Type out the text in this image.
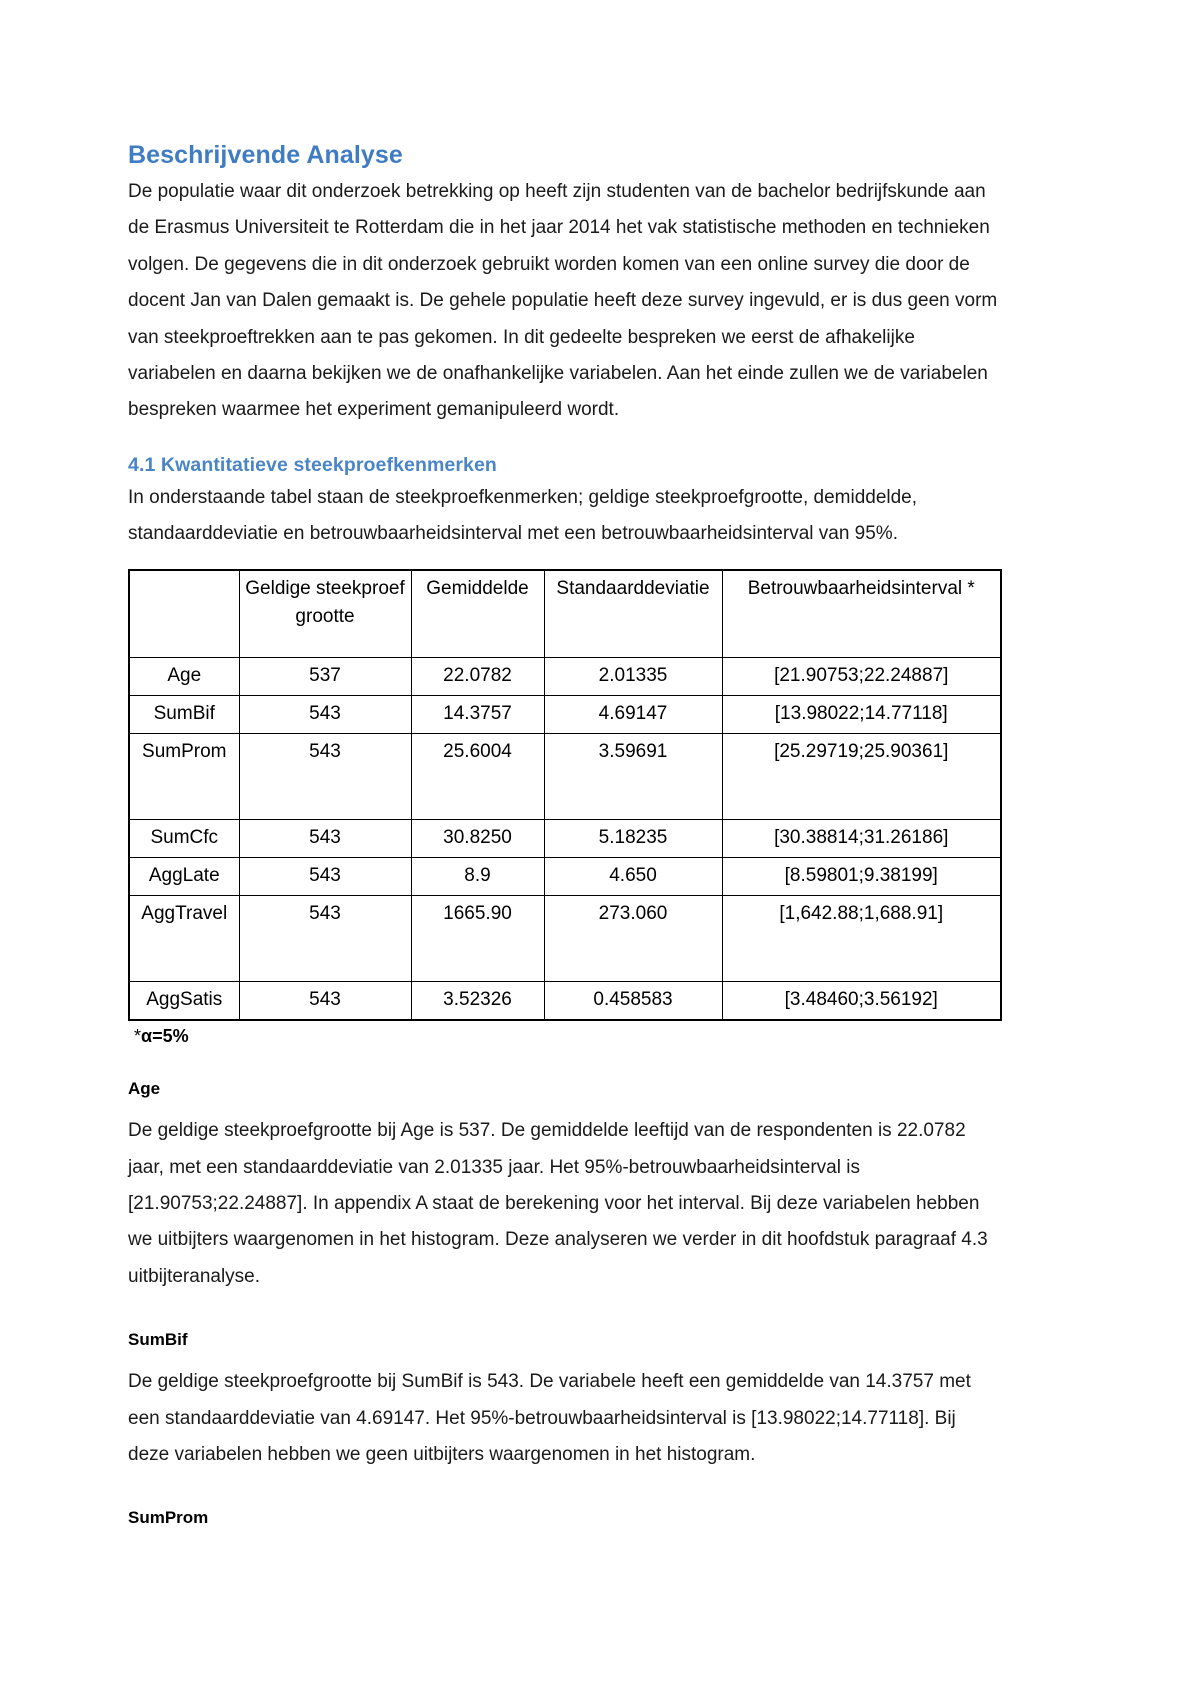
Beschrijvende Analyse

De populatie waar dit onderzoek betrekking op heeft zijn studenten van de bachelor bedrijfskunde aan de Erasmus Universiteit te Rotterdam die in het jaar 2014 het vak statistische methoden en technieken volgen. De gegevens die in dit onderzoek gebruikt worden komen van een online survey die door de docent Jan van Dalen gemaakt is. De gehele populatie heeft deze survey ingevuld, er is dus geen vorm van steekproeftrekken aan te pas gekomen. In dit gedeelte bespreken we eerst de afhakelijke variabelen en daarna bekijken we de onafhankelijke variabelen. Aan het einde zullen we de variabelen bespreken waarmee het experiment gemanipuleerd wordt.

4.1 Kwantitatieve steekproefkenmerken

In onderstaande tabel staan de steekproefkenmerken; geldige steekproefgrootte, demiddelde, standaarddeviatie en betrouwbaarheidsinterval met een betrouwbaarheidsinterval van 95%.

	Geldige steekproefgrootte	Gemiddelde	Standaarddeviatie	Betrouwbaarheidsinterval *
Age	537	22.0782	2.01335	[21.90753;22.24887]
SumBif	543	14.3757	4.69147	[13.98022;14.77118]
SumProm	543	25.6004	3.59691	[25.29719;25.90361]
SumCfc	543	30.8250	5.18235	[30.38814;31.26186]
AggLate	543	8.9	4.650	[8.59801;9.38199]
AggTravel	543	1665.90	273.060	[1,642.88;1,688.91]
AggSatis	543	3.52326	0.458583	[3.48460;3.56192]
*α=5%
Age

De geldige steekproefgrootte bij Age is 537. De gemiddelde leeftijd van de respondenten is 22.0782 jaar, met een standaarddeviatie van 2.01335 jaar. Het 95%-betrouwbaarheidsinterval is [21.90753;22.24887]. In appendix A staat de berekening voor het interval. Bij deze variabelen hebben we uitbijters waargenomen in het histogram. Deze analyseren we verder in dit hoofdstuk paragraaf 4.3 uitbijteranalyse.

SumBif

De geldige steekproefgrootte bij SumBif is 543. De variabele heeft een gemiddelde van 14.3757 met een standaarddeviatie van 4.69147. Het 95%-betrouwbaarheidsinterval is [13.98022;14.77118]. Bij deze variabelen hebben we geen uitbijters waargenomen in het histogram.

SumProm
